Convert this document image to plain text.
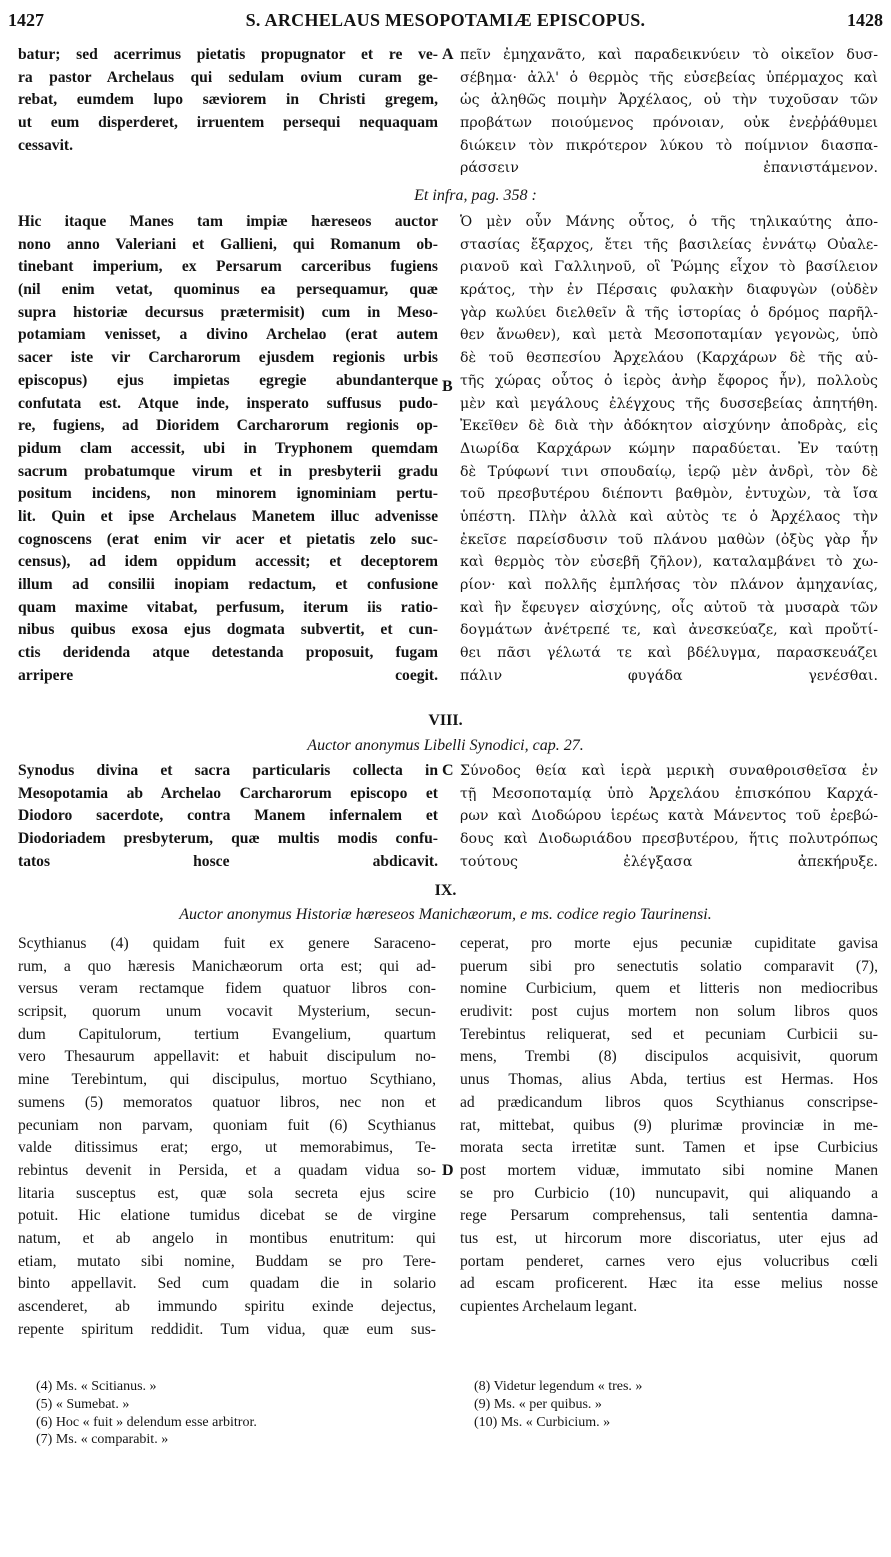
1427	S. ARCHELAUS MESOPOTAMIÆ EPISCOPUS.	1428
batur; sed acerrimus pietatis propugnator et re ve-
ra pastor Archelaus qui sedulam ovium curam ge-
rebat, eumdem lupo sæviorem in Christi gregem,
ut eum disperderet, irruentem persequi nequaquam
cessavit.
A πεῖν ἐμηχανᾶτο, καὶ παραδεικνύειν τὸ οἰκεῖον δυσ-
σέβημα· ἀλλ' ὁ θερμὸς τῆς εὐσεβείας ὑπέρμαχος καὶ
ὡς ἀληθῶς ποιμὴν Ἀρχέλαος, οὐ τὴν τυχοῦσαν τῶν
προβάτων ποιούμενος πρόνοιαν, οὐκ ἐνεῤῥάθυμει
διώκειν τὸν πικρότερον λύκου τὸ ποίμνιον διασπα-
ράσσειν ἐπανιστάμενον.
Et infra, pag. 358 :
Hic itaque Manes tam impiæ hæreseos auctor
nono anno Valeriani et Gallieni, qui Romanum ob-
tinebant imperium, ex Persarum carceribus fugiens
(nil enim vetat, quominus ea persequamur, quæ
supra historiæ decursus prætermisit) cum in Meso-
potamiam venisset, a divino Archelao (erat autem
sacer iste vir Carcharorum ejusdem regionis urbis
episcopus) ejus impietas egregie abundanterque
confutata est. Atque inde, insperato suffusus pudo-
re, fugiens, ad Dioridem Carcharorum regionis op-
pidum clam accessit, ubi in Tryphonem quemdam
sacrum probatumque virum et in presbyterii gradu
positum incidens, non minorem ignominiam pertu-
lit. Quin et ipse Archelaus Manetem illuc advenisse
cognoscens (erat enim vir acer et pietatis zelo suc-
census), ad idem oppidum accessit; et deceptorem
illum ad consilii inopiam redactum, et confusione
quam maxime vitabat, perfusum, iterum iis ratio-
nibus quibus exosa ejus dogmata subvertit, et cun-
ctis deridenda atque detestanda proposuit, fugam
arripere coegit.
B
Ὁ μὲν οὖν Μάνης οὗτος, ὁ τῆς τηλικαύτης ἀπο-
στασίας ἔξαρχος, ἔτει τῆς βασιλείας ἐννάτῳ Οὐαλε-
ριανοῦ καὶ Γαλλιηνοῦ, οἳ Ῥώμης εἶχον τὸ βασίλειον
κράτος, τὴν ἐν Πέρσαις φυλακὴν διαφυγὼν (οὐδὲν
γὰρ κωλύει διελθεῖν ἃ τῆς ἱστορίας ὁ δρόμος παρῆλ-
θεν ἄνωθεν), καὶ μετὰ Μεσοποταμίαν γεγονὼς, ὑπὸ
δὲ τοῦ θεσπεσίου Ἀρχελάου (Καρχάρων δὲ τῆς αὐ-
τῆς χώρας οὗτος ὁ ἱερὸς ἀνὴρ ἔφορος ἦν), πολλοὺς
μὲν καὶ μεγάλους ἐλέγχους τῆς δυσσεβείας ἀπητήθη.
Ἐκεῖθεν δὲ διὰ τὴν ἀδόκητον αἰσχύνην ἀποδρὰς, εἰς
Διωρίδα Καρχάρων κώμην παραδύεται. Ἐν ταύτῃ
δὲ Τρύφωνί τινι σπουδαίῳ, ἱερῷ μὲν ἀνδρὶ, τὸν δὲ
τοῦ πρεσβυτέρου διέποντι βαθμὸν, ἐντυχὼν, τὰ ἴσα
ὑπέστη. Πλὴν ἀλλὰ καὶ αὐτὸς τε ὁ Ἀρχέλαος τὴν
ἐκεῖσε παρείσδυσιν τοῦ πλάνου μαθὼν (ὀξὺς γὰρ ἦν
καὶ θερμὸς τὸν εὐσεβῆ ζῆλον), καταλαμβάνει τὸ χω-
ρίον· καὶ πολλῆς ἐμπλήσας τὸν πλάνον ἀμηχανίας,
καὶ ἣν ἔφευγεν αἰσχύνης, οἷς αὐτοῦ τὰ μυσαρὰ τῶν
δογμάτων ἀνέτρεπέ τε, καὶ ἀνεσκεύαζε, καὶ προὔτί-
θει πᾶσι γέλωτά τε καὶ βδέλυγμα, παρασκευάζει
πάλιν φυγάδα γενέσθαι.
VIII.
Auctor anonymus Libelli Synodici, cap. 27.
Synodus divina et sacra particularis collecta in
Mesopotamia ab Archelao Carcharorum episcopo et
Diodoro sacerdote, contra Manem infernalem et
Diodoriadem presbyterum, quæ multis modis confu-
tatos hosce abdicavit.
C Σύνοδος θεία καὶ ἱερὰ μερικὴ συναθροισθεῖσα ἐν
τῇ Μεσοποταμίᾳ ὑπὸ Ἀρχελάου ἐπισκόπου Καρχά-
ρων καὶ Διοδώρου ἱερέως κατὰ Μάνεντος τοῦ ἐρεβώ-
δους καὶ Διοδωριάδου πρεσβυτέρου, ἥτις πολυτρόπως
τούτους ἐλέγξασα ἀπεκήρυξε.
IX.
Auctor anonymus Historiæ hæreseos Manichæorum, e ms. codice regio Taurinensi.
Scythianus (4) quidam fuit ex genere Saraceno-
rum, a quo hæresis Manichæorum orta est; qui ad-
versus veram rectamque fidem quatuor libros con-
scripsit, quorum unum vocavit Mysterium, secun-
dum Capitulorum, tertium Evangelium, quartum
vero Thesaurum appellavit: et habuit discipulum no-
mine Terebintum, qui discipulus, mortuo Scythiano,
sumens (5) memoratos quatuor libros, nec non et
pecuniam non parvam, quoniam fuit (6) Scythianus
valde ditissimus erat; ergo, ut memorabimus, Te-
rebintus devenit in Persida, et a quadam vidua so-
litaria susceptus est, quæ sola secreta ejus scire
potuit. Hic elatione tumidus dicebat se de virgine
natum, et ab angelo in montibus enutritum: qui
etiam, mutato sibi nomine, Buddam se pro Tere-
binto appellavit. Sed cum quadam die in solario
ascenderet, ab immundo spiritu exinde dejectus,
repente spiritum reddidit. Tum vidua, quæ eum sus-
D
ceperat, pro morte ejus pecuniæ cupiditate gavisa
puerum sibi pro senectutis solatio comparavit (7),
nomine Curbicium, quem et litteris non mediocribus
erudivit: post cujus mortem non solum libros quos
Terebintus reliquerat, sed et pecuniam Curbicii su-
mens, Trembi (8) discipulos acquisivit, quorum
unus Thomas, alius Abda, tertius est Hermas. Hos
ad prædicandum libros quos Scythianus conscripse-
rat, mittebat, quibus (9) plurimæ provinciæ in me-
morata secta irretitæ sunt. Tamen et ipse Curbicius
post mortem viduæ, immutato sibi nomine Manen
se pro Curbicio (10) nuncupavit, qui aliquando a
rege Persarum comprehensus, tali sententia damna-
tus est, ut hircorum more discoriatus, uter ejus ad
portam penderet, carnes vero ejus volucribus cœli
ad escam proficerent. Hæc ita esse melius nosse
cupientes Archelaum legant.
(4) Ms. « Scitianus. »
(5) « Sumebat. »
(6) Hoc « fuit » delendum esse arbitror.
(7) Ms. « comparabit. »
(8) Videtur legendum « tres. »
(9) Ms. « per quibus. »
(10) Ms. « Curbicium. »
